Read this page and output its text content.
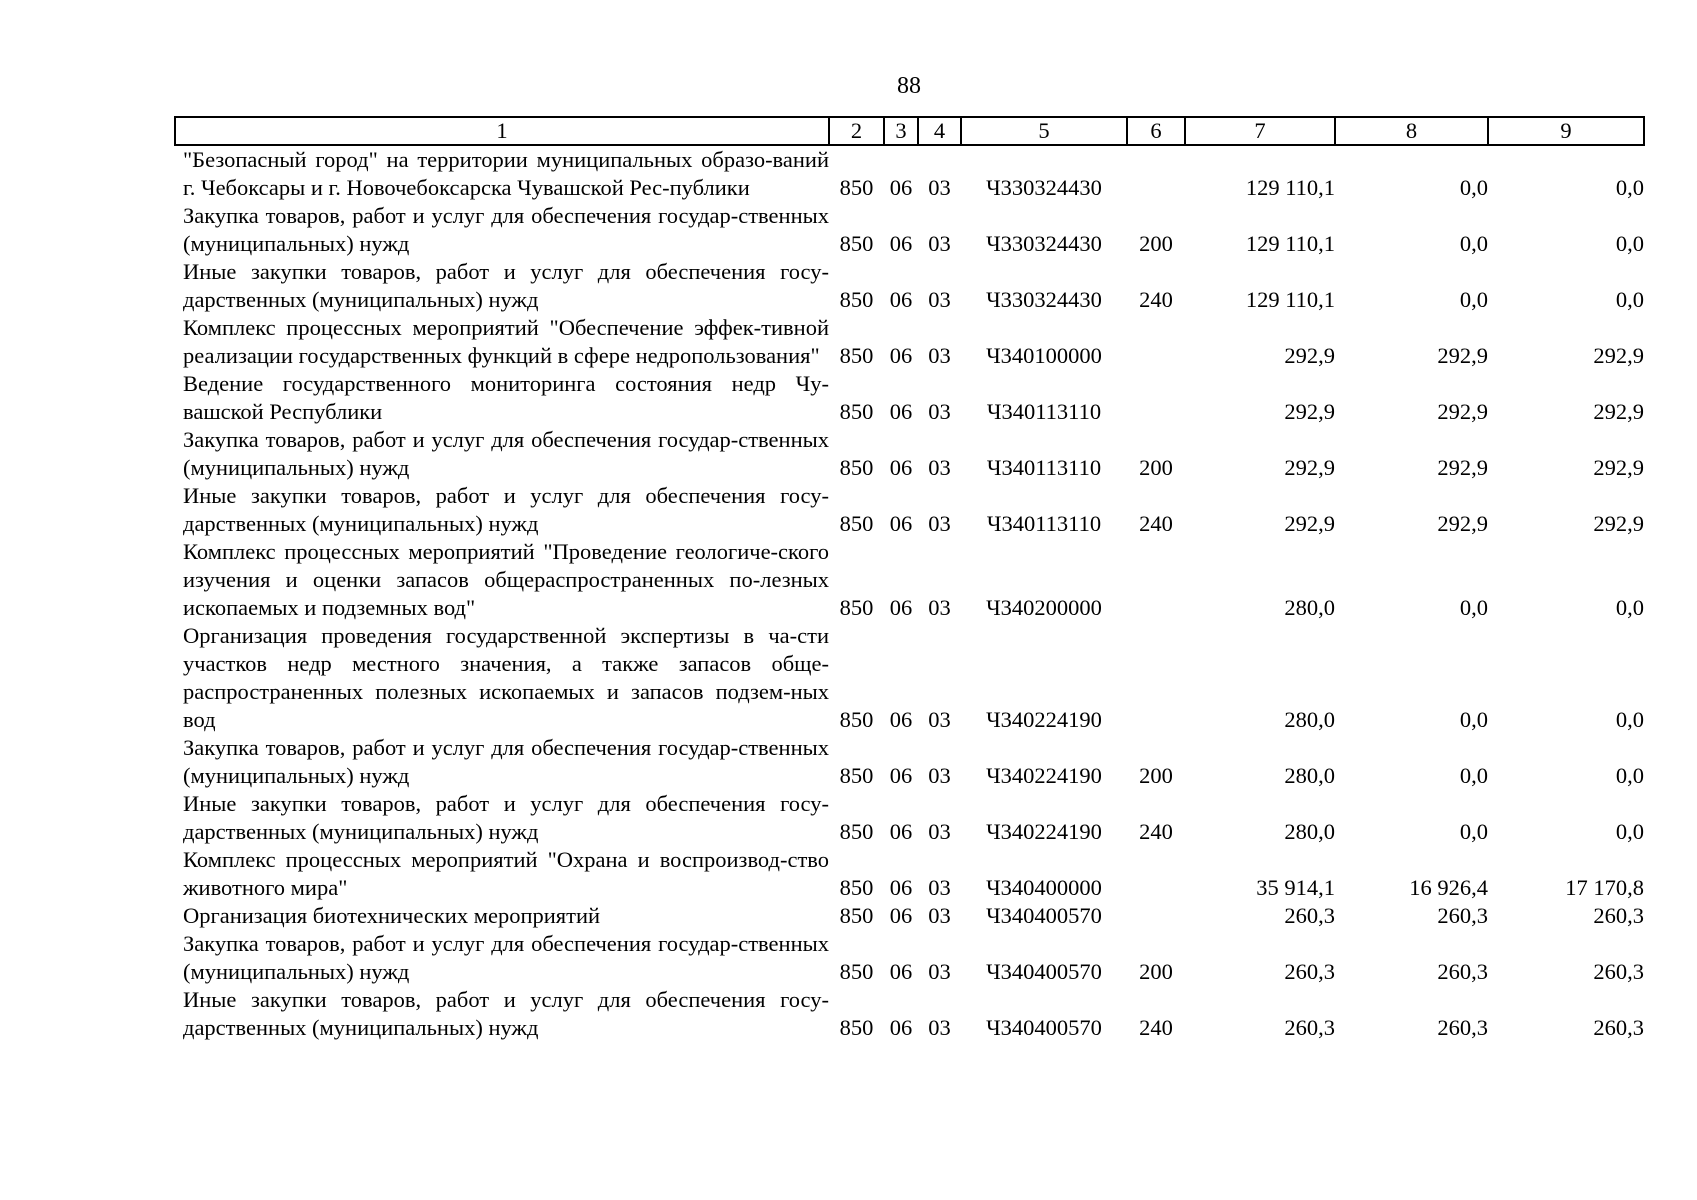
88
1	2	3	4	5	6	7	8	9
"Безопасный город" на территории муниципальных образо-ваний г. Чебоксары и г. Новочебоксарска Чувашской Рес-публики	850	06	03	Ч330324430		129 110,1	0,0	0,0
Закупка товаров, работ и услуг для обеспечения государ-ственных (муниципальных) нужд	850	06	03	Ч330324430	200	129 110,1	0,0	0,0
Иные закупки товаров, работ и услуг для обеспечения госу-дарственных (муниципальных) нужд	850	06	03	Ч330324430	240	129 110,1	0,0	0,0
Комплекс процессных мероприятий "Обеспечение эффек-тивной реализации государственных функций в сфере недропользования"	850	06	03	Ч340100000		292,9	292,9	292,9
Ведение государственного мониторинга состояния недр Чу-вашской Республики	850	06	03	Ч340113110		292,9	292,9	292,9
Закупка товаров, работ и услуг для обеспечения государ-ственных (муниципальных) нужд	850	06	03	Ч340113110	200	292,9	292,9	292,9
Иные закупки товаров, работ и услуг для обеспечения госу-дарственных (муниципальных) нужд	850	06	03	Ч340113110	240	292,9	292,9	292,9
Комплекс процессных мероприятий "Проведение геологиче-ского изучения и оценки запасов общераспространенных по-лезных ископаемых и подземных вод"	850	06	03	Ч340200000		280,0	0,0	0,0
Организация проведения государственной экспертизы в ча-сти участков недр местного значения, а также запасов обще-распространенных полезных ископаемых и запасов подзем-ных вод	850	06	03	Ч340224190		280,0	0,0	0,0
Закупка товаров, работ и услуг для обеспечения государ-ственных (муниципальных) нужд	850	06	03	Ч340224190	200	280,0	0,0	0,0
Иные закупки товаров, работ и услуг для обеспечения госу-дарственных (муниципальных) нужд	850	06	03	Ч340224190	240	280,0	0,0	0,0
Комплекс процессных мероприятий "Охрана и воспроизвод-ство животного мира"	850	06	03	Ч340400000		35 914,1	16 926,4	17 170,8
Организация биотехнических мероприятий	850	06	03	Ч340400570		260,3	260,3	260,3
Закупка товаров, работ и услуг для обеспечения государ-ственных (муниципальных) нужд	850	06	03	Ч340400570	200	260,3	260,3	260,3
Иные закупки товаров, работ и услуг для обеспечения госу-дарственных (муниципальных) нужд	850	06	03	Ч340400570	240	260,3	260,3	260,3
